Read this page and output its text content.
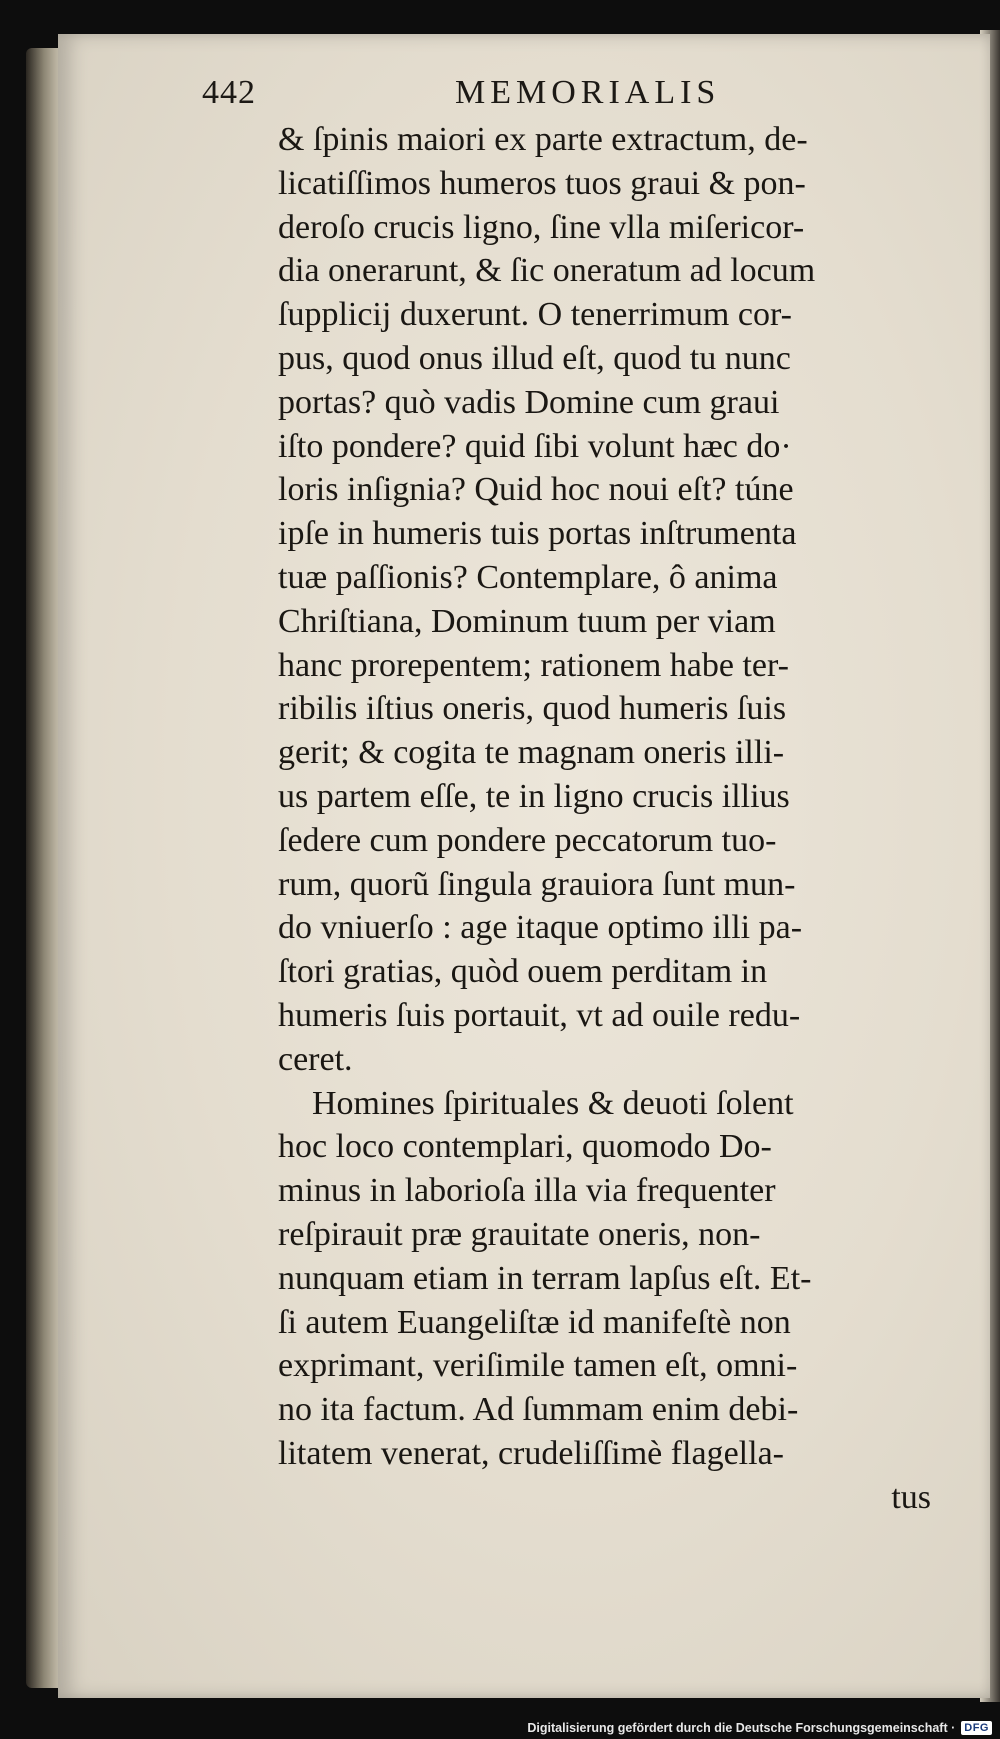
442	MEMORIALIS
& ſpinis maiori ex parte extractum, de-
licatiſſimos humeros tuos graui & pon-
deroſo crucis ligno, ſine vlla miſericor-
dia onerarunt, & ſic oneratum ad locum
ſupplicij duxerunt. O tenerrimum cor-
pus, quod onus illud eſt, quod tu nunc
portas? quò vadis Domine cum graui
iſto pondere? quid ſibi volunt hæc do·
loris inſignia? Quid hoc noui eſt? túne
ipſe in humeris tuis portas inſtrumenta
tuæ paſſionis? Contemplare, ô anima
Chriſtiana, Dominum tuum per viam
hanc prorepentem; rationem habe ter-
ribilis iſtius oneris, quod humeris ſuis
gerit; & cogita te magnam oneris illi-
us partem eſſe, te in ligno crucis illius
ſedere cum pondere peccatorum tuo-
rum, quorũ ſingula grauiora ſunt mun-
do vniuerſo : age itaque optimo illi pa-
ſtori gratias, quòd ouem perditam in
humeris ſuis portauit, vt ad ouile redu-
ceret.
Homines ſpirituales & deuoti ſolent
hoc loco contemplari, quomodo Do-
minus in laborioſa illa via frequenter
reſpirauit præ grauitate oneris, non-
nunquam etiam in terram lapſus eſt. Et-
ſi autem Euangeliſtæ id manifeſtè non
exprimant, veriſimile tamen eſt, omni-
no ita factum. Ad ſummam enim debi-
litatem venerat, crudeliſſimè flagella-
tus
Digitalisierung gefördert durch die Deutsche Forschungsgemeinschaft · DFG
